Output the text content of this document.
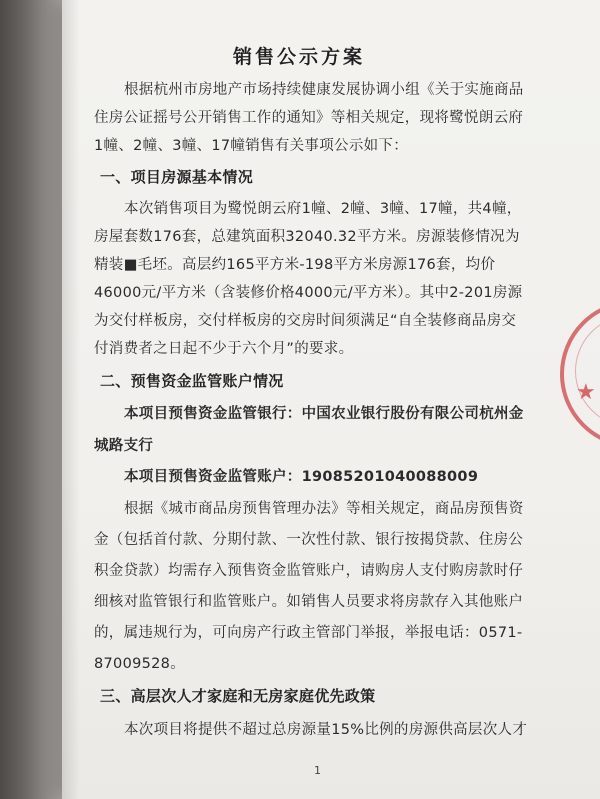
★
销售公示方案
根据杭州市房地产市场持续健康发展协调小组《关于实施商品
住房公证摇号公开销售工作的通知》等相关规定，现将鹭悦朗云府
1幢、2幢、3幢、17幢销售有关事项公示如下：
一、项目房源基本情况
本次销售项目为鹭悦朗云府1幢、2幢、3幢、17幢，共4幢，
房屋套数176套，总建筑面积32040.32平方米。房源装修情况为
精装■毛坯。高层约165平方米-198平方米房源176套，均价
46000元/平方米（含装修价格4000元/平方米）。其中2-201房源
为交付样板房，交付样板房的交房时间须满足“自全装修商品房交
付消费者之日起不少于六个月”的要求。
二、预售资金监管账户情况
本项目预售资金监管银行：中国农业银行股份有限公司杭州金
城路支行
本项目预售资金监管账户：19085201040088009
根据《城市商品房预售管理办法》等相关规定，商品房预售资
金（包括首付款、分期付款、一次性付款、银行按揭贷款、住房公
积金贷款）均需存入预售资金监管账户，请购房人支付购房款时仔
细核对监管银行和监管账户。如销售人员要求将房款存入其他账户
的，属违规行为，可向房产行政主管部门举报，举报电话：0571-
87009528。
三、高层次人才家庭和无房家庭优先政策
本次项目将提供不超过总房源量15%比例的房源供高层次人才
1
